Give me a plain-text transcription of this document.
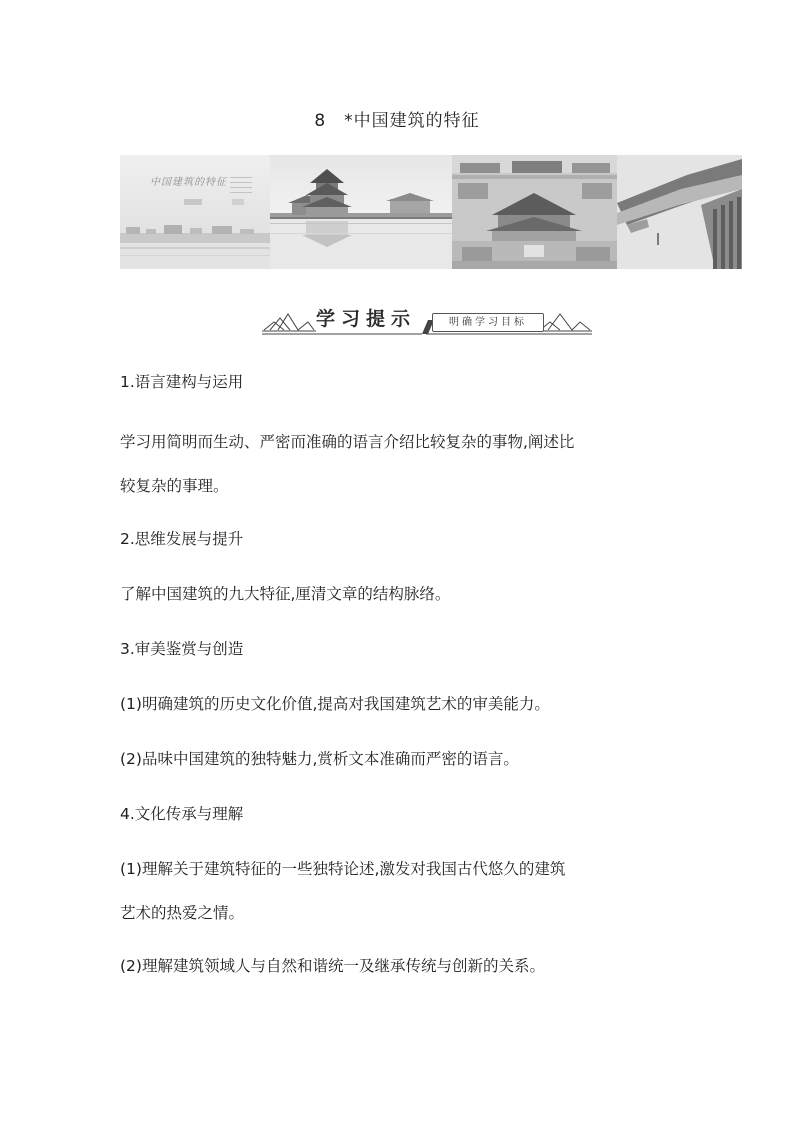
8　*中国建筑的特征
中国建筑的特征
学习提示	明确学习目标

1.语言建构与运用

学习用简明而生动、严密而准确的语言介绍比较复杂的事物,阐述比

较复杂的事理。

2.思维发展与提升

了解中国建筑的九大特征,厘清文章的结构脉络。

3.审美鉴赏与创造

(1)明确建筑的历史文化价值,提高对我国建筑艺术的审美能力。

(2)品味中国建筑的独特魅力,赏析文本准确而严密的语言。

4.文化传承与理解

(1)理解关于建筑特征的一些独特论述,激发对我国古代悠久的建筑

艺术的热爱之情。

(2)理解建筑领域人与自然和谐统一及继承传统与创新的关系。
